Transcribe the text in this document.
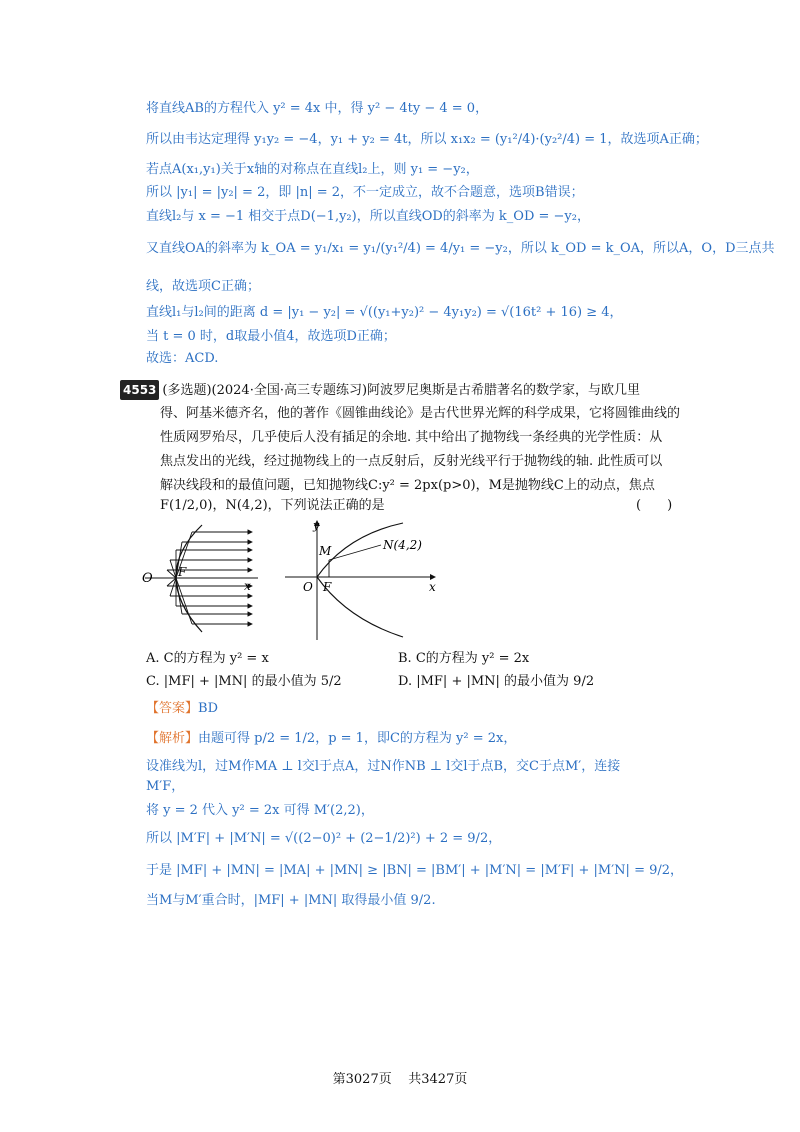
将直线AB的方程代入 y² = 4x 中，得 y² − 4ty − 4 = 0，
所以由韦达定理得 y₁y₂ = −4，y₁ + y₂ = 4t，所以 x₁x₂ = (y₁²/4)·(y₂²/4) = 1，故选项A正确；
若点A(x₁,y₁)关于x轴的对称点在直线l₂上，则 y₁ = −y₂，
所以 |y₁| = |y₂| = 2，即 |n| = 2，不一定成立，故不合题意，选项B错误；
直线l₂与 x = −1 相交于点D(−1,y₂)，所以直线OD的斜率为 k_OD = −y₂，
又直线OA的斜率为 k_OA = y₁/x₁ = y₁/(y₁²/4) = 4/y₁ = −y₂，所以 k_OD = k_OA，所以A，O，D三点共
线，故选项C正确；
直线l₁与l₂间的距离 d = |y₁ − y₂| = √((y₁+y₂)² − 4y₁y₂) = √(16t² + 16) ≥ 4，
当 t = 0 时，d取最小值4，故选项D正确；
故选：ACD.
4553 (多选题)(2024·全国·高三专题练习)阿波罗尼奥斯是古希腊著名的数学家，与欧几里
得、阿基米德齐名，他的著作《圆锥曲线论》是古代世界光辉的科学成果，它将圆锥曲线的
性质网罗殆尽，几乎使后人没有插足的余地. 其中给出了抛物线一条经典的光学性质：从
焦点发出的光线，经过抛物线上的一点反射后，反射光线平行于抛物线的轴. 此性质可以
解决线段和的最值问题，已知抛物线C:y² = 2px(p>0)，M是抛物线C上的动点，焦点
F(1/2,0)，N(4,2)，下列说法正确的是	(　　)
O F
x
y
M	N(4,2)
O F	x
A. C的方程为 y² = x	B. C的方程为 y² = 2x
C. |MF| + |MN| 的最小值为 5/2	D. |MF| + |MN| 的最小值为 9/2
【答案】BD
【解析】由题可得 p/2 = 1/2，p = 1，即C的方程为 y² = 2x，
设准线为l，过M作MA ⊥ l交l于点A，过N作NB ⊥ l交l于点B，交C于点M′，连接
M′F，
将 y = 2 代入 y² = 2x 可得 M′(2,2)，
所以 |M′F| + |M′N| = √((2−0)² + (2−1/2)²) + 2 = 9/2，
于是 |MF| + |MN| = |MA| + |MN| ≥ |BN| = |BM′| + |M′N| = |M′F| + |M′N| = 9/2，
当M与M′重合时，|MF| + |MN| 取得最小值 9/2.
第3027页 共3427页
